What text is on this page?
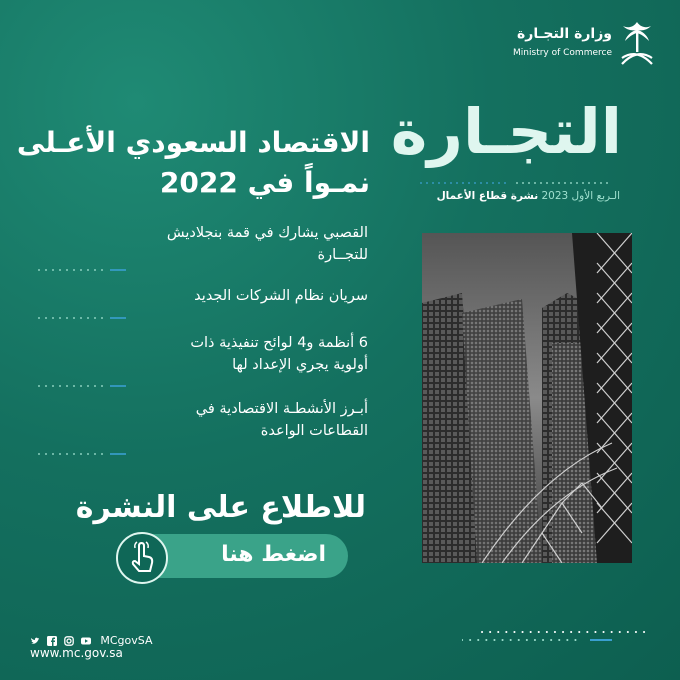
وزارة التجـارة
Ministry of Commerce
التجـارة
الـربع الأول 2023 نشرة قطاع الأعمال
الاقتصاد السعودي الأعـلى
نمـواً في 2022
القصبي يشارك في قمة بنجلاديش
للتجــارة
سريان نظام الشركات الجديد
6 أنظمة و4 لوائح تنفيذية ذات
أولوية يجري الإعداد لها
أبـرز الأنشطـة الاقتصادية في
القطاعات الواعدة
للاطلاع على النشرة
اضغط هنا
MCgovSA
www.mc.gov.sa
